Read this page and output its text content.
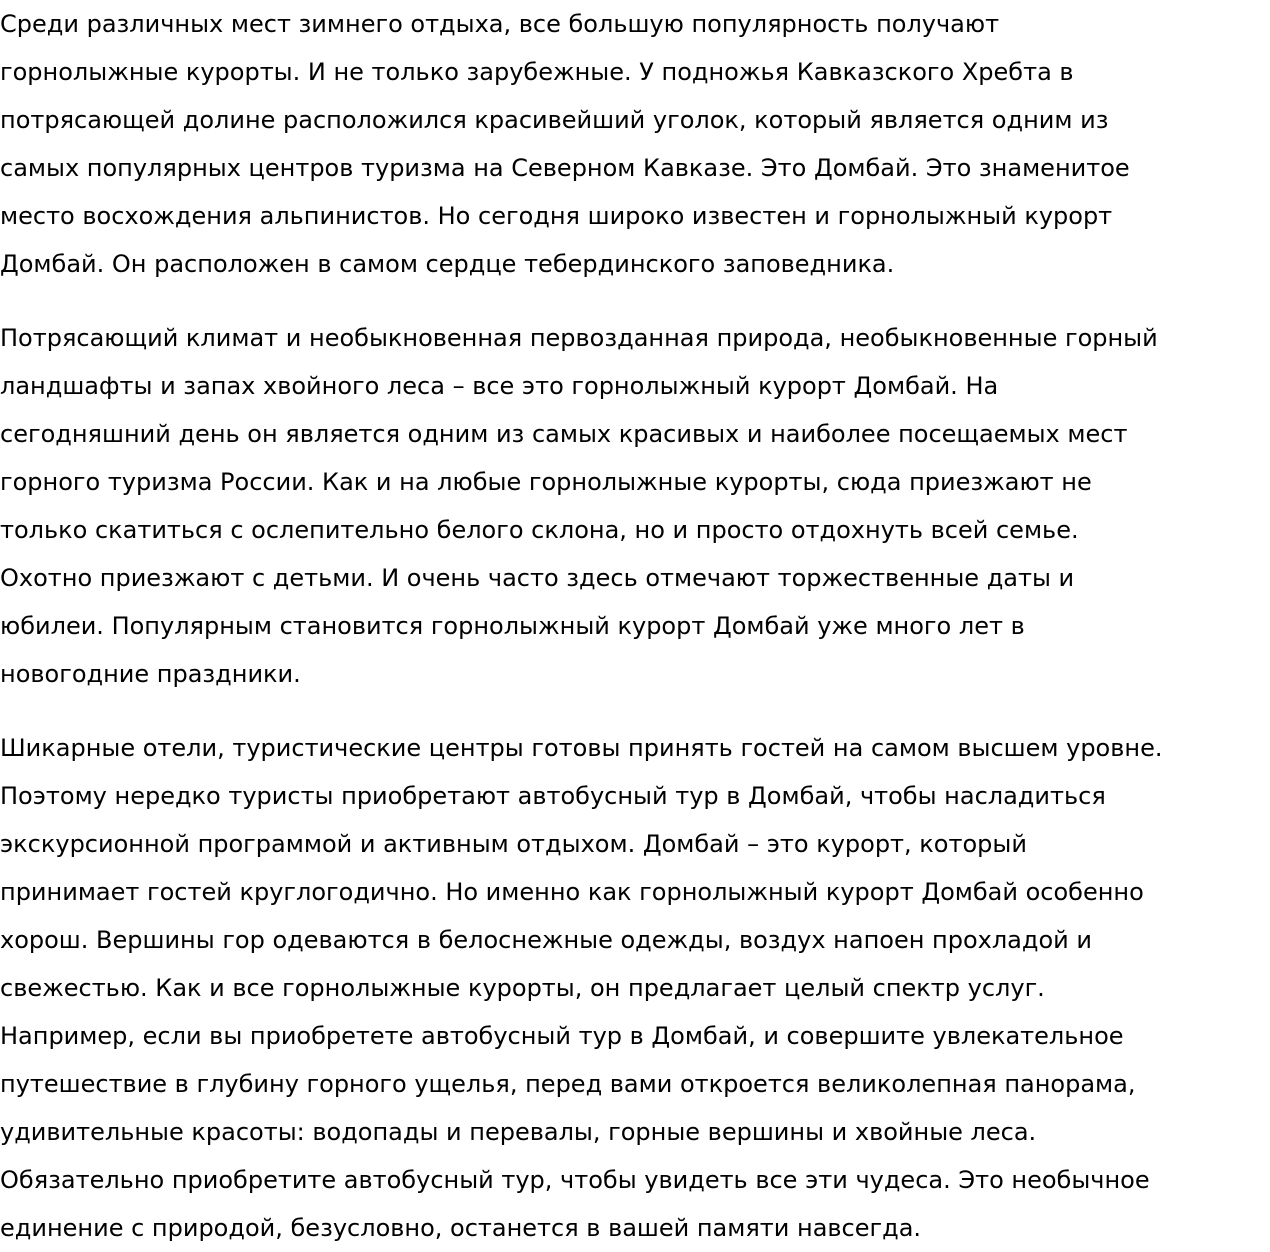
Среди различных мест зимнего отдыха, все большую популярность получают
горнолыжные курорты. И не только зарубежные. У подножья Кавказского Хребта в
потрясающей долине расположился красивейший уголок, который является одним из
самых популярных центров туризма на Северном Кавказе. Это Домбай. Это знаменитое
место восхождения альпинистов. Но сегодня широко известен и горнолыжный курорт
Домбай. Он расположен в самом сердце тебердинского заповедника.

Потрясающий климат и необыкновенная первозданная природа, необыкновенные горный
ландшафты и запах хвойного леса – все это горнолыжный курорт Домбай. На
сегодняшний день он является одним из самых красивых и наиболее посещаемых мест
горного туризма России. Как и на любые горнолыжные курорты, сюда приезжают не
только скатиться с ослепительно белого склона, но и просто отдохнуть всей семье.
Охотно приезжают с детьми. И очень часто здесь отмечают торжественные даты и
юбилеи. Популярным становится горнолыжный курорт Домбай уже много лет в
новогодние праздники.

Шикарные отели, туристические центры готовы принять гостей на самом высшем уровне.
Поэтому нередко туристы приобретают автобусный тур в Домбай, чтобы насладиться
экскурсионной программой и активным отдыхом. Домбай – это курорт, который
принимает гостей круглогодично. Но именно как горнолыжный курорт Домбай особенно
хорош. Вершины гор одеваются в белоснежные одежды, воздух напоен прохладой и
свежестью. Как и все горнолыжные курорты, он предлагает целый спектр услуг.
Например, если вы приобретете автобусный тур в Домбай, и совершите увлекательное
путешествие в глубину горного ущелья, перед вами откроется великолепная панорама,
удивительные красоты: водопады и перевалы, горные вершины и хвойные леса.
Обязательно приобретите автобусный тур, чтобы увидеть все эти чудеса. Это необычное
единение с природой, безусловно, останется в вашей памяти навсегда.
